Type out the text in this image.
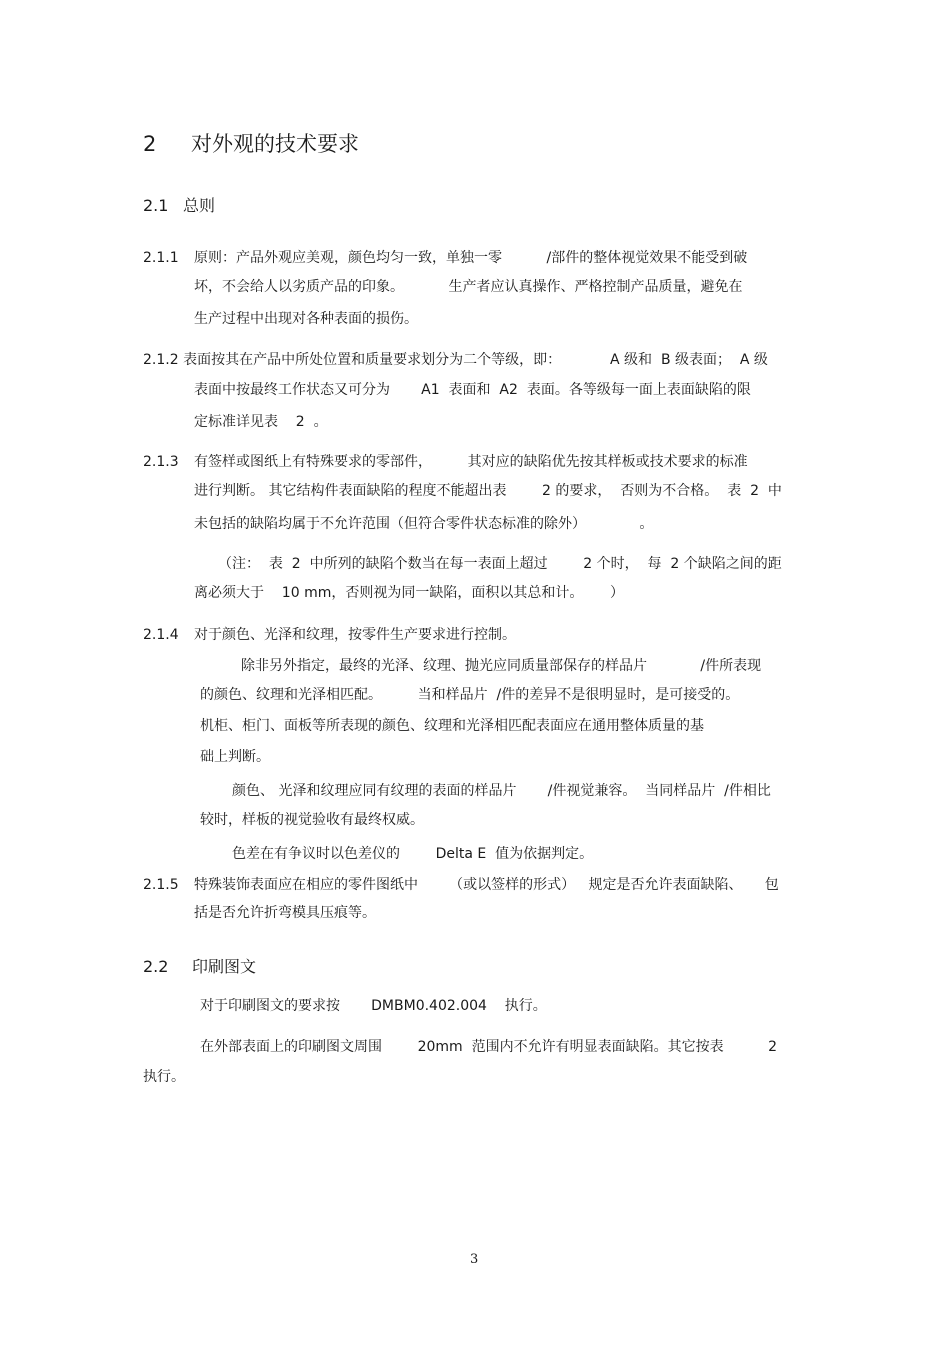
2 对外观的技术要求
2.1 总则
2.1.1 原则：产品外观应美观，颜色均匀一致，单独一零          /部件的整体视觉效果不能受到破
坏，不会给人以劣质产品的印象。          生产者应认真操作、严格控制产品质量，避免在
生产过程中出现对各种表面的损伤。
2.1.2 表面按其在产品中所处位置和质量要求划分为二个等级，即：           A 级和  B 级表面；  A 级
表面中按最终工作状态又可分为       A1  表面和  A2  表面。各等级每一面上表面缺陷的限
定标准详见表    2  。
2.1.3 有签样或图纸上有特殊要求的零部件，        其对应的缺陷优先按其样板或技术要求的标准
进行判断。 其它结构件表面缺陷的程度不能超出表        2 的要求，  否则为不合格。  表  2  中
未包括的缺陷均属于不允许范围（但符合零件状态标准的除外）            。
（注：  表  2  中所列的缺陷个数当在每一表面上超过        2 个时，  每  2 个缺陷之间的距
离必须大于    10 mm，否则视为同一缺陷，面积以其总和计。      ）
2.1.4 对于颜色、光泽和纹理，按零件生产要求进行控制。
除非另外指定，最终的光泽、纹理、抛光应同质量部保存的样品片            /件所表现
的颜色、纹理和光泽相匹配。        当和样品片  /件的差异不是很明显时，是可接受的。
机柜、柜门、面板等所表现的颜色、纹理和光泽相匹配表面应在通用整体质量的基
础上判断。
颜色、 光泽和纹理应同有纹理的表面的样品片       /件视觉兼容。  当同样品片  /件相比
较时，样板的视觉验收有最终权威。
色差在有争议时以色差仪的        Delta E  值为依据判定。
2.1.5 特殊装饰表面应在相应的零件图纸中       （或以签样的形式）   规定是否允许表面缺陷、     包
括是否允许折弯模具压痕等。
2.2 印刷图文
对于印刷图文的要求按       DMBM0.402.004    执行。
在外部表面上的印刷图文周围        20mm  范围内不允许有明显表面缺陷。其它按表          2
执行。
3
